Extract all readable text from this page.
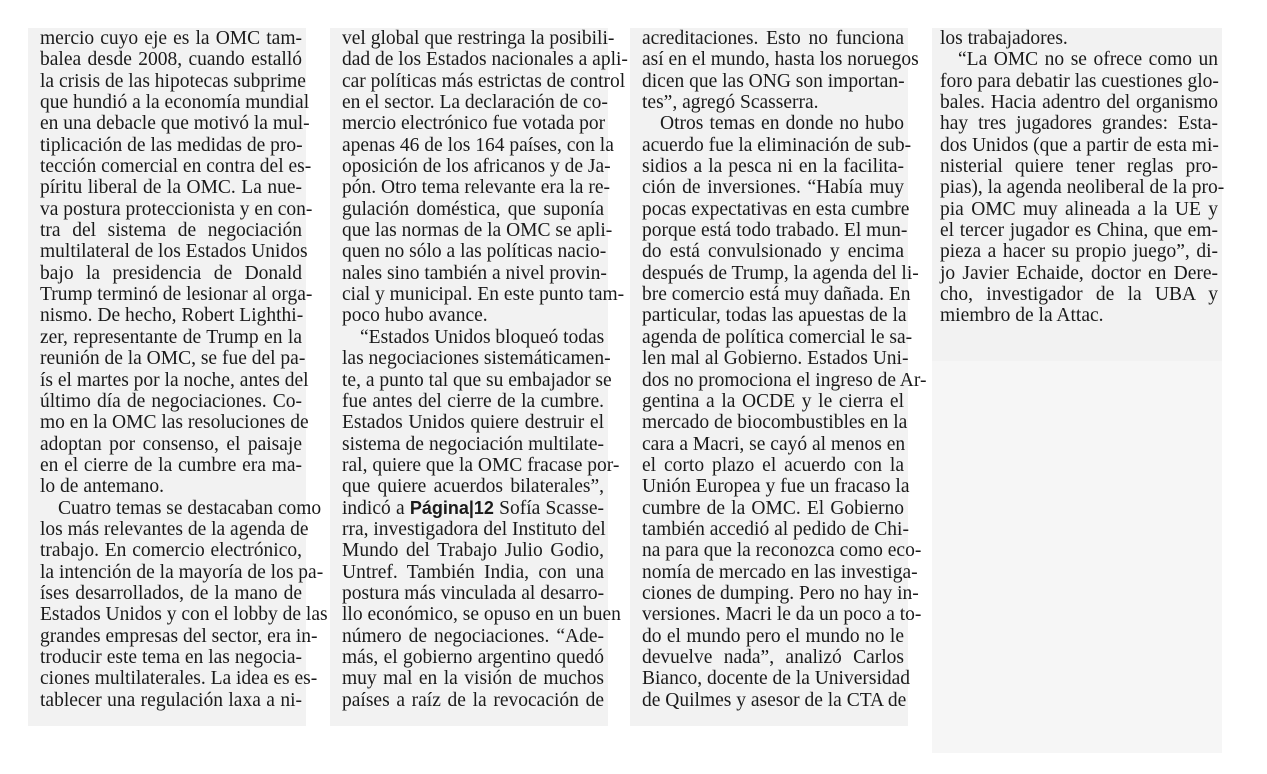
mercio cuyo eje es la OMC tam-
balea desde 2008, cuando estalló
la crisis de las hipotecas subprime
que hundió a la economía mundial
en una debacle que motivó la mul-
tiplicación de las medidas de pro-
tección comercial en contra del es-
píritu liberal de la OMC. La nue-
va postura proteccionista y en con-
tra del sistema de negociación
multilateral de los Estados Unidos
bajo la presidencia de Donald
Trump terminó de lesionar al orga-
nismo. De hecho, Robert Lighthi-
zer, representante de Trump en la
reunión de la OMC, se fue del pa-
ís el martes por la noche, antes del
último día de negociaciones. Co-
mo en la OMC las resoluciones de
adoptan por consenso, el paisaje
en el cierre de la cumbre era ma-
lo de antemano.
Cuatro temas se destacaban como
los más relevantes de la agenda de
trabajo. En comercio electrónico,
la intención de la mayoría de los pa-
íses desarrollados, de la mano de
Estados Unidos y con el lobby de las
grandes empresas del sector, era in-
troducir este tema en las negocia-
ciones multilaterales. La idea es es-
tablecer una regulación laxa a ni-
vel global que restringa la posibili-
dad de los Estados nacionales a apli-
car políticas más estrictas de control
en el sector. La declaración de co-
mercio electrónico fue votada por
apenas 46 de los 164 países, con la
oposición de los africanos y de Ja-
pón. Otro tema relevante era la re-
gulación doméstica, que suponía
que las normas de la OMC se apli-
quen no sólo a las políticas nacio-
nales sino también a nivel provin-
cial y municipal. En este punto tam-
poco hubo avance.
“Estados Unidos bloqueó todas
las negociaciones sistemáticamen-
te, a punto tal que su embajador se
fue antes del cierre de la cumbre.
Estados Unidos quiere destruir el
sistema de negociación multilate-
ral, quiere que la OMC fracase por-
que quiere acuerdos bilaterales”,
indicó a Página|12 Sofía Scasse-
rra, investigadora del Instituto del
Mundo del Trabajo Julio Godio,
Untref. También India, con una
postura más vinculada al desarro-
llo económico, se opuso en un buen
número de negociaciones. “Ade-
más, el gobierno argentino quedó
muy mal en la visión de muchos
países a raíz de la revocación de
acreditaciones. Esto no funciona
así en el mundo, hasta los noruegos
dicen que las ONG son importan-
tes”, agregó Scasserra.
Otros temas en donde no hubo
acuerdo fue la eliminación de sub-
sidios a la pesca ni en la facilita-
ción de inversiones. “Había muy
pocas expectativas en esta cumbre
porque está todo trabado. El mun-
do está convulsionado y encima
después de Trump, la agenda del li-
bre comercio está muy dañada. En
particular, todas las apuestas de la
agenda de política comercial le sa-
len mal al Gobierno. Estados Uni-
dos no promociona el ingreso de Ar-
gentina a la OCDE y le cierra el
mercado de biocombustibles en la
cara a Macri, se cayó al menos en
el corto plazo el acuerdo con la
Unión Europea y fue un fracaso la
cumbre de la OMC. El Gobierno
también accedió al pedido de Chi-
na para que la reconozca como eco-
nomía de mercado en las investiga-
ciones de dumping. Pero no hay in-
versiones. Macri le da un poco a to-
do el mundo pero el mundo no le
devuelve nada”, analizó Carlos
Bianco, docente de la Universidad
de Quilmes y asesor de la CTA de
los trabajadores.
“La OMC no se ofrece como un
foro para debatir las cuestiones glo-
bales. Hacia adentro del organismo
hay tres jugadores grandes: Esta-
dos Unidos (que a partir de esta mi-
nisterial quiere tener reglas pro-
pias), la agenda neoliberal de la pro-
pia OMC muy alineada a la UE y
el tercer jugador es China, que em-
pieza a hacer su propio juego”, di-
jo Javier Echaide, doctor en Dere-
cho, investigador de la UBA y
miembro de la Attac.
